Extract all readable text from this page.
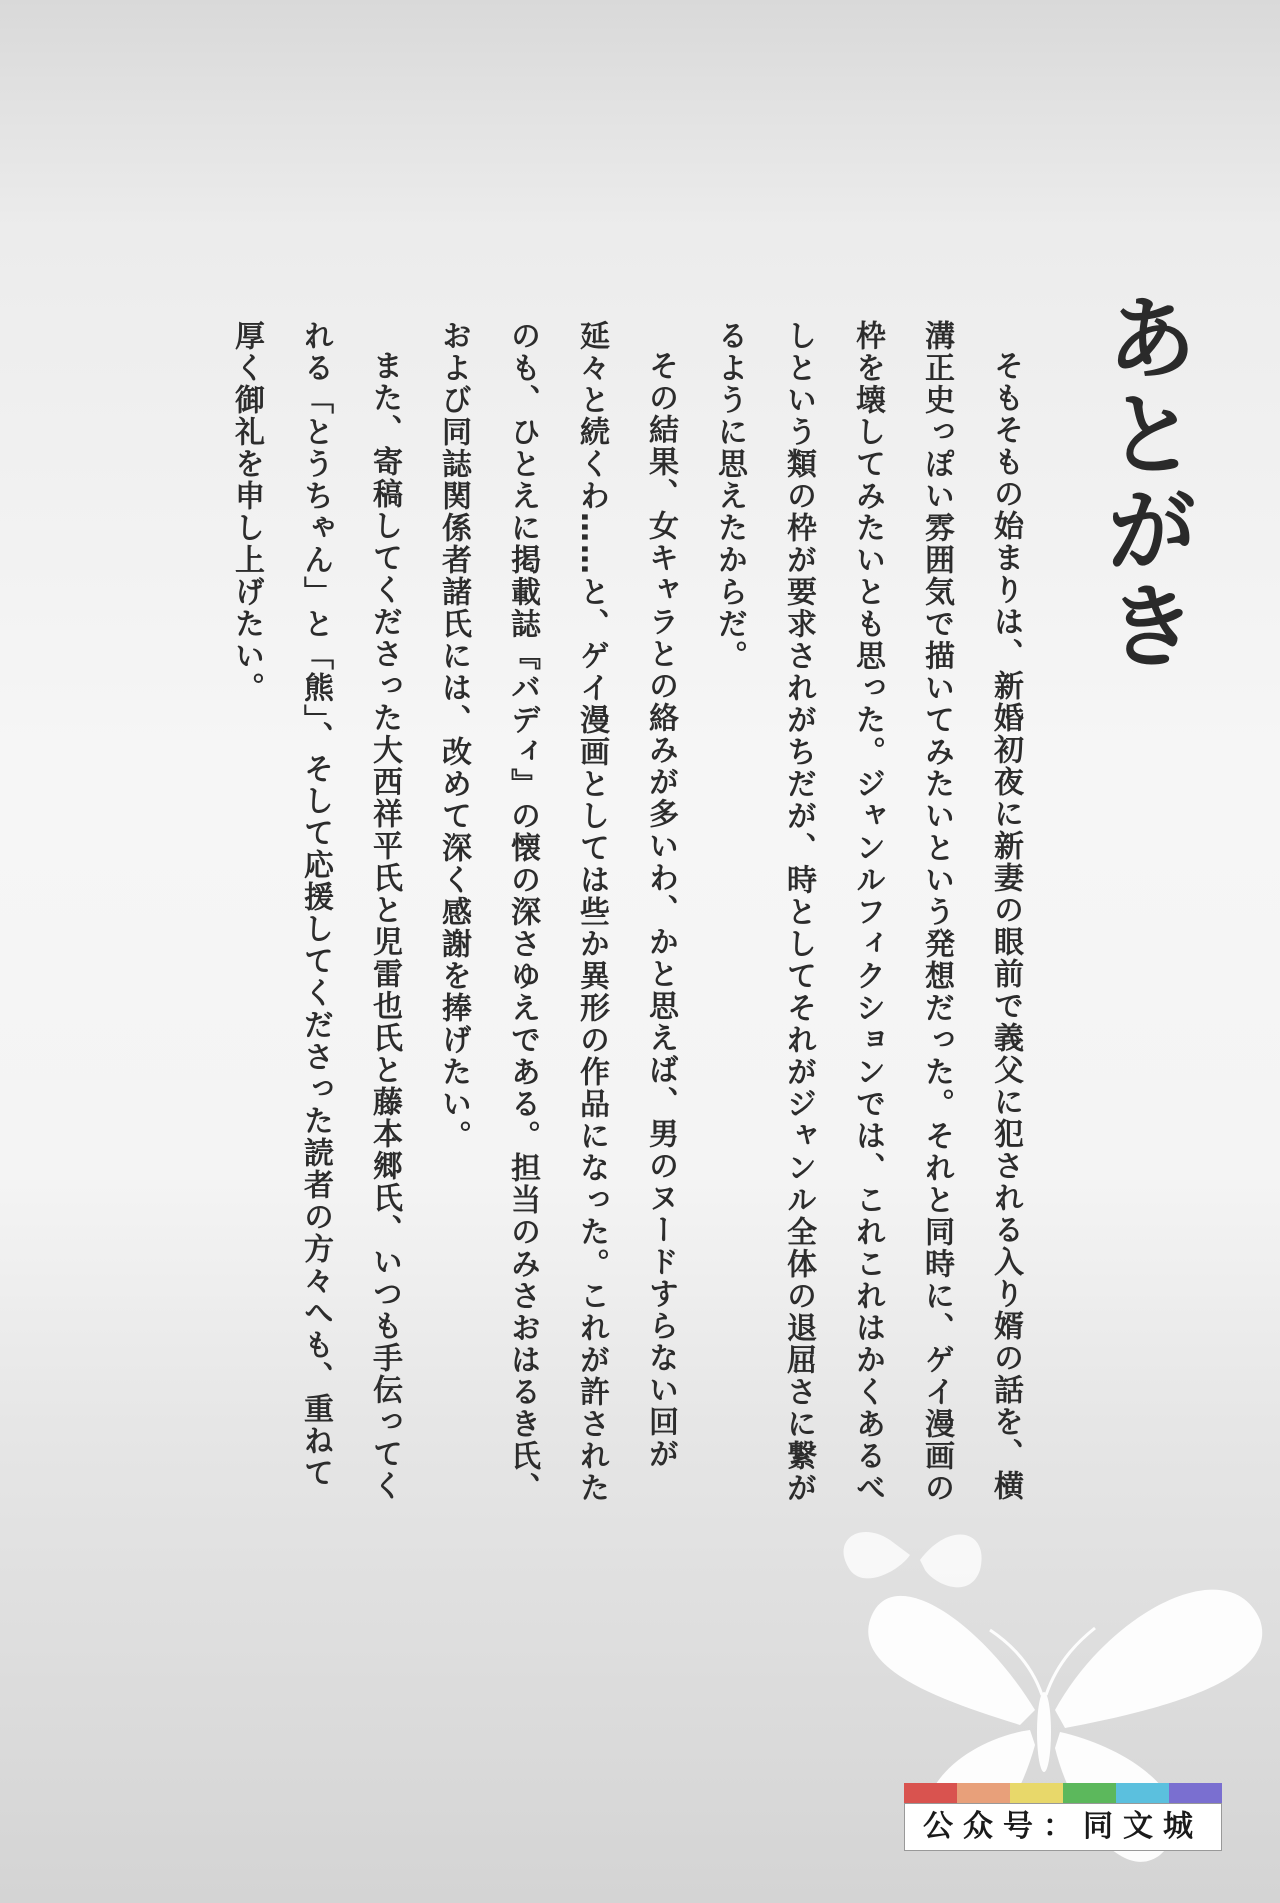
あとがき

そもそもの始まりは、新婚初夜に新妻の眼前で義父に犯される入り婿の話を、横溝正史っぽい雰囲気で描いてみたいという発想だった。それと同時に、ゲイ漫画の枠を壊してみたいとも思った。ジャンルフィクションでは、これこれはかくあるべしという類の枠が要求されがちだが、時としてそれがジャンル全体の退屈さに繋がるように思えたからだ。

その結果、女キャラとの絡みが多いわ、かと思えば、男のヌードすらない回が延々と続くわ……と、ゲイ漫画としては些か異形の作品になった。これが許されたのも、ひとえに掲載誌『バディ』の懐の深さゆえである。担当のみさおはるき氏、および同誌関係者諸氏には、改めて深く感謝を捧げたい。

また、寄稿してくださった大西祥平氏と児雷也氏と藤本郷氏、いつも手伝ってくれる「とうちゃん」と「熊」、そして応援してくださった読者の方々へも、重ねて厚く御礼を申し上げたい。

公众号：同文城
